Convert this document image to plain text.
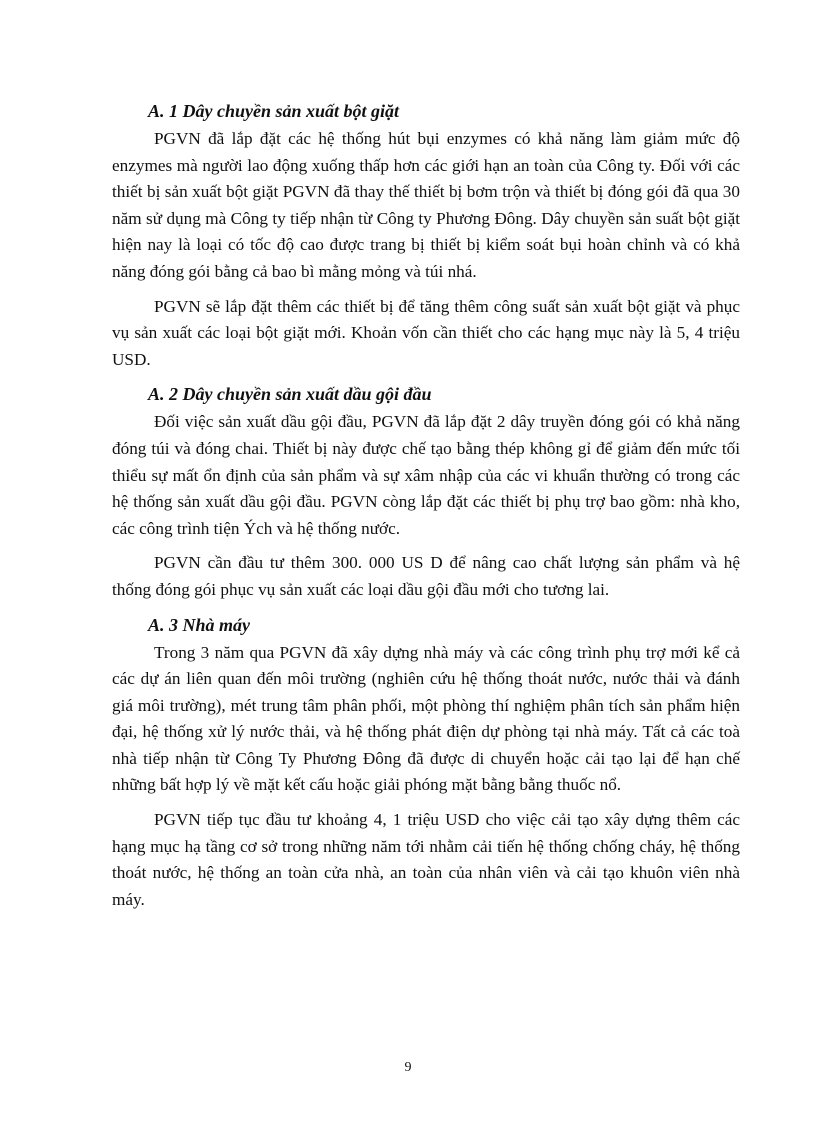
A. 1 Dây chuyền sản xuất bột giặt

PGVN đã lắp đặt các hệ thống hút bụi enzymes có khả năng làm giảm mức độ enzymes mà người lao động xuống thấp hơn các giới hạn an toàn của Công ty. Đối với các thiết bị sản xuất bột giặt PGVN đã thay thế thiết bị bơm trộn và thiết bị đóng gói đã qua 30 năm sử dụng mà Công ty tiếp nhận từ Công ty Phương Đông. Dây chuyền sản suất bột giặt hiện nay là loại có tốc độ cao được trang bị thiết bị kiểm soát bụi hoàn chỉnh và có khả năng đóng gói bằng cả bao bì mằng mỏng và túi nhá.

PGVN sẽ lắp đặt thêm các thiết bị để tăng thêm công suất sản xuất bột giặt và phục vụ sản xuất các loại bột giặt mới. Khoản vốn cần thiết cho các hạng mục này là 5, 4 triệu USD.

A. 2 Dây chuyền sản xuất dầu gội đầu

Đối việc sản xuất dầu gội đầu, PGVN đã lắp đặt 2 dây truyền đóng gói có khả năng đóng túi và đóng chai. Thiết bị này được chế tạo bằng thép không gỉ để giảm đến mức tối thiểu sự mất ổn định của sản phẩm và sự xâm nhập của các vi khuẩn thường có trong các hệ thống sản xuất dầu gội đầu. PGVN còng lắp đặt các thiết bị phụ trợ bao gồm: nhà kho, các công trình tiện Ých và hệ thống nước.

PGVN cần đầu tư thêm 300. 000 US D để nâng cao chất lượng sản phẩm và hệ thống đóng gói phục vụ sản xuất các loại dầu gội đầu mới cho tương lai.

A. 3 Nhà máy

Trong 3 năm qua PGVN đã xây dựng nhà máy và các công trình phụ trợ mới kể cả các dự án liên quan đến môi trường (nghiên cứu hệ thống thoát nước, nước thải và đánh giá môi trường), mét trung tâm phân phối, một phòng thí nghiệm phân tích sản phẩm hiện đại, hệ thống xử lý nước thải, và hệ thống phát điện dự phòng tại nhà máy. Tất cả các toà nhà tiếp nhận từ Công Ty Phương Đông đã được di chuyển hoặc cải tạo lại để hạn chế những bất hợp lý về mặt kết cấu hoặc giải phóng mặt bằng bằng thuốc nổ.

PGVN tiếp tục đầu tư khoảng 4, 1 triệu USD cho việc cải tạo xây dựng thêm các hạng mục hạ tầng cơ sở trong những năm tới nhằm cải tiến hệ thống chống cháy, hệ thống thoát nước, hệ thống an toàn cửa nhà, an toàn của nhân viên và cải tạo khuôn viên nhà máy.

9
